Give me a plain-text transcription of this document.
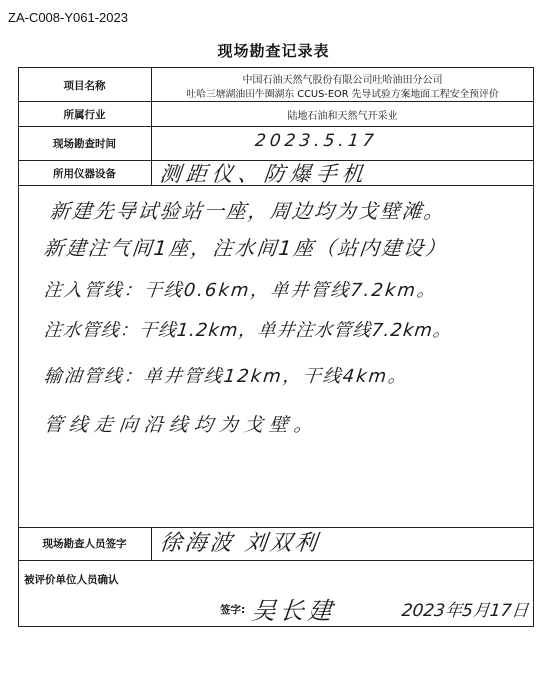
ZA-C008-Y061-2023
现场勘查记录表
项目名称	中国石油天然气股份有限公司吐哈油田分公司
吐哈三塘湖油田牛圈湖东 CCUS-EOR 先导试验方案地面工程安全预评价
所属行业	陆地石油和天然气开采业
现场勘查时间	2023.5.17
所用仪器设备	测距仪、防爆手机
新建先导试验站一座，周边均为戈壁滩。
新建注气间1座，注水间1座（站内建设）
注入管线：干线0.6km，单井管线7.2km。
注水管线：干线1.2km，单井注水管线7.2km。
输油管线：单井管线12km，干线4km。
管线走向沿线均为戈壁。
现场勘查人员签字	徐海波 刘双利
被评价单位人员确认
签字: 吴长建	2023年5月17日
